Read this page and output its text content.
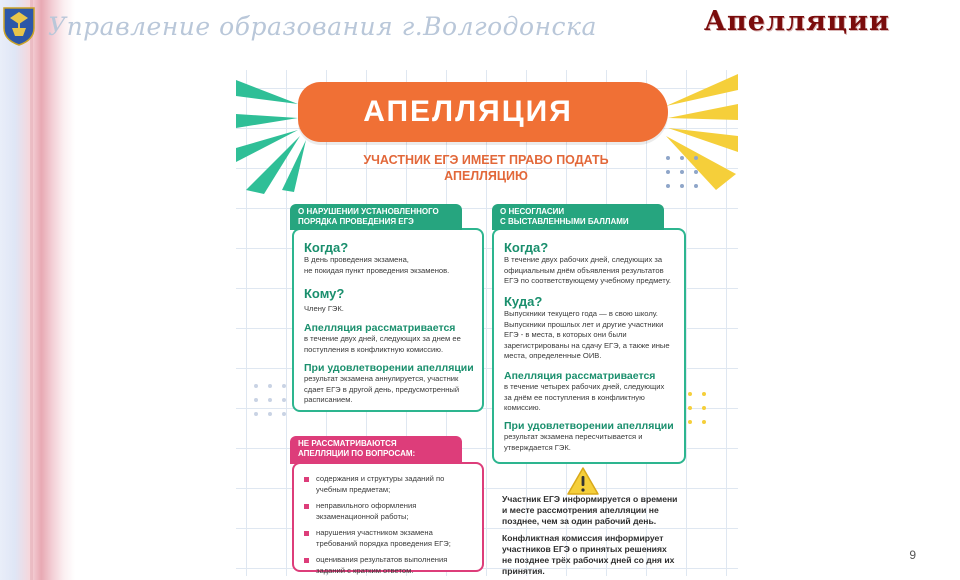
Управление образования г.Волгодонска	Апелляции
9
АПЕЛЛЯЦИЯ
УЧАСТНИК ЕГЭ ИМЕЕТ ПРАВО ПОДАТЬ
АПЕЛЛЯЦИЮ
Когда?
В день проведения экзамена,
не покидая пункт проведения экзаменов.
Кому?
Члену ГЭК.
Апелляция рассматривается
в течение двух дней, следующих за днем ее
поступления в конфликтную комиссию.
При удовлетворении апелляции
результат экзамена аннулируется, участник
сдает ЕГЭ в другой день, предусмотренный
расписанием.
О НАРУШЕНИИ УСТАНОВЛЕННОГО
ПОРЯДКА ПРОВЕДЕНИЯ ЕГЭ
Когда?
В течение двух рабочих дней, следующих за
официальным днём объявления результатов
ЕГЭ по соответствующему учебному предмету.
Куда?
Выпускники текущего года — в свою школу.
Выпускники прошлых лет и другие участники
ЕГЭ - в места, в которых они были
зарегистрированы на сдачу ЕГЭ, а также иные
места, определенные ОИВ.
Апелляция рассматривается
в течение четырех рабочих дней, следующих
за днём ее поступления в конфликтную
комиссию.
При удовлетворении апелляции
результат экзамена пересчитывается и
утверждается ГЭК.
О НЕСОГЛАСИИ
С ВЫСТАВЛЕННЫМИ БАЛЛАМИ
содержания и структуры заданий по
учебным предметам;
неправильного оформления
экзаменационной работы;
нарушения участником экзамена
требований порядка проведения ЕГЭ;
оценивания результатов выполнения
заданий с кратким ответом.
НЕ РАССМАТРИВАЮТСЯ
АПЕЛЛЯЦИИ ПО ВОПРОСАМ:
Участник ЕГЭ информируется о времени
и месте рассмотрения апелляции не
позднее, чем за один рабочий день.
Конфликтная комиссия информирует
участников ЕГЭ о принятых решениях
не позднее трёх рабочих дней со дня их
принятия.
